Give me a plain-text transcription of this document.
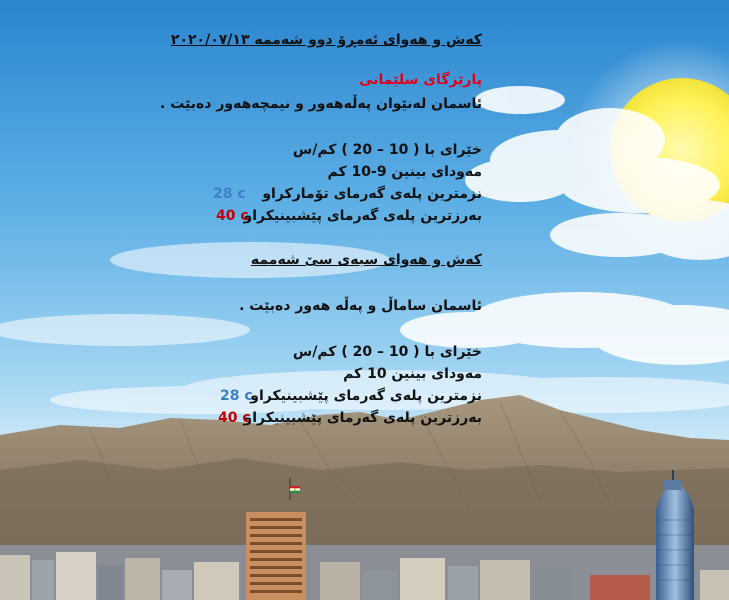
کەش و هەوای ئەمڕۆ دوو شەممە ٢٠٢٠/٠٧/١٣
پارێزگای سلێمانی
ئاسمان لەنێوان پەڵەهەور و نیمچەهەور دەبێت .
خێرای با ( 10 – 20 ) کم/س
مەودای بینین 9-10 کم
نزمترین پلەی گەرمای تۆمارکراو
بەرزترین پلەی گەرمای پێشبینیکراو
کەش و هەوای سبەی سێ شەممە
ئاسمان ساماڵ و پەڵە هەور دەبێت .
خێرای با ( 10 – 20 ) کم/س
مەودای بینین 10 کم
نزمترین پلەی گەرمای پێشبینیکراو
بەرزترین پلەی گەرمای پێشبینیکراو
28 c
40 c
28 c
40 c
